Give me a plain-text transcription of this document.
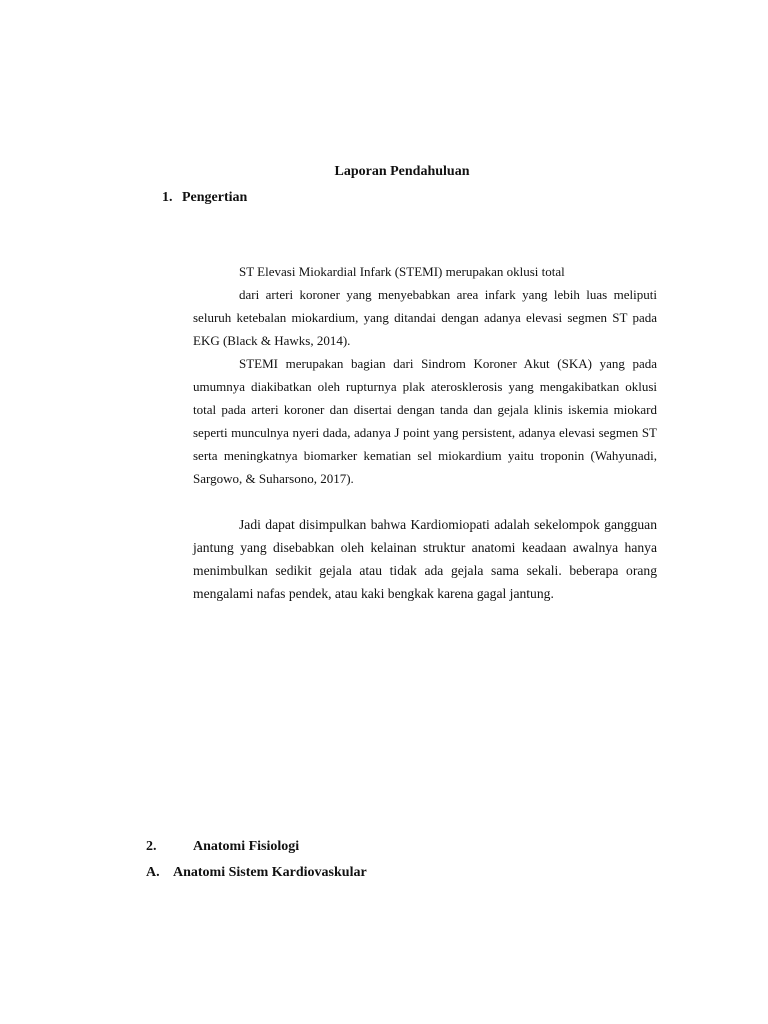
Laporan Pendahuluan
1. Pengertian
ST Elevasi Miokardial Infark (STEMI) merupakan oklusi total
dari arteri koroner yang menyebabkan area infark yang lebih luas meliputi seluruh ketebalan miokardium, yang ditandai dengan adanya elevasi segmen ST pada EKG (Black & Hawks, 2014).
STEMI merupakan bagian dari Sindrom Koroner Akut (SKA) yang pada umumnya diakibatkan oleh rupturnya plak aterosklerosis yang mengakibatkan oklusi total pada arteri koroner dan disertai dengan tanda dan gejala klinis iskemia miokard seperti munculnya nyeri dada, adanya J point yang persistent, adanya elevasi segmen ST serta meningkatnya biomarker kematian sel miokardium yaitu troponin (Wahyunadi, Sargowo, & Suharsono, 2017).
Jadi dapat disimpulkan bahwa Kardiomiopati adalah sekelompok gangguan jantung yang disebabkan oleh kelainan struktur anatomi keadaan awalnya hanya menimbulkan sedikit gejala atau tidak ada gejala sama sekali. beberapa orang mengalami nafas pendek, atau kaki bengkak karena gagal jantung.
2.	Anatomi Fisiologi
A. Anatomi Sistem Kardiovaskular
